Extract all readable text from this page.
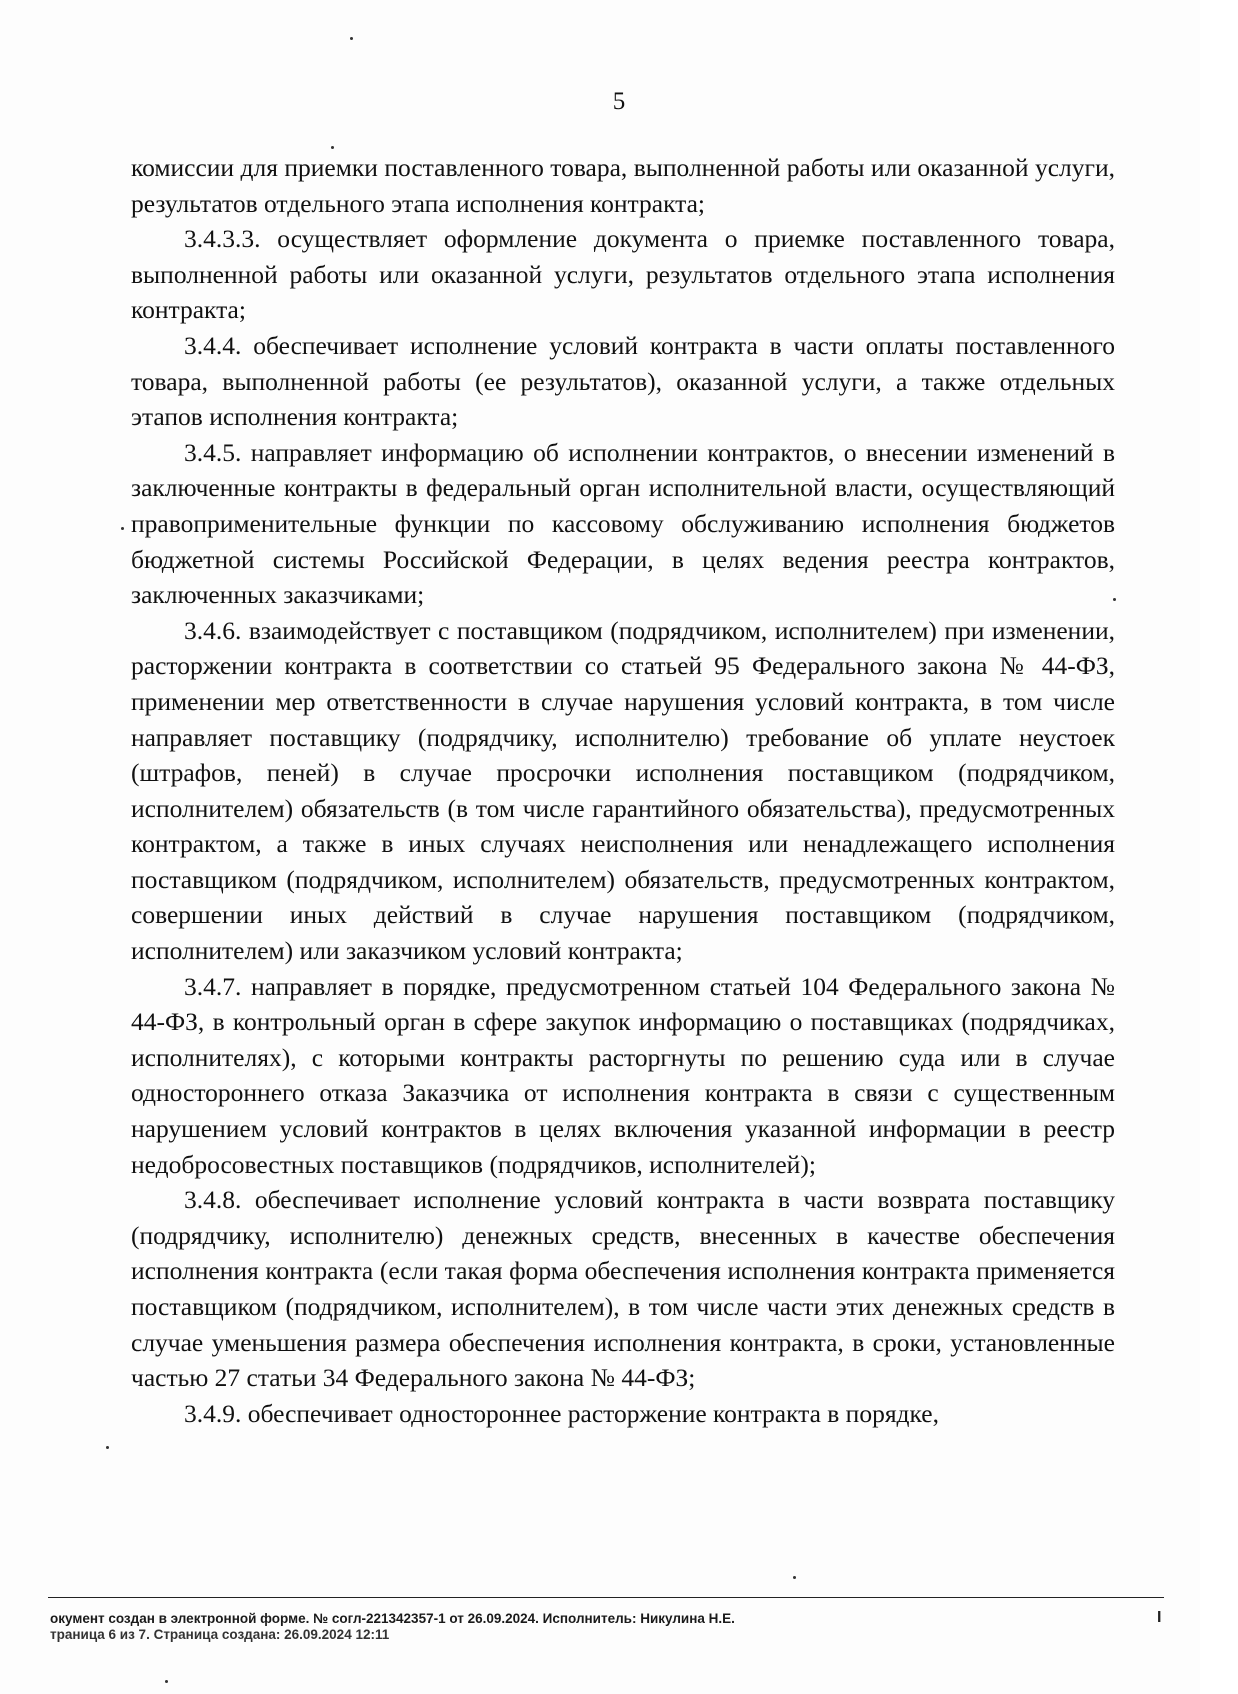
5

комиссии для приемки поставленного товара, выполненной работы или оказанной услуги, результатов отдельного этапа исполнения контракта;

3.4.3.3. осуществляет оформление документа о приемке поставленного товара, выполненной работы или оказанной услуги, результатов отдельного этапа исполнения контракта;

3.4.4. обеспечивает исполнение условий контракта в части оплаты поставленного товара, выполненной работы (ее результатов), оказанной услуги, а также отдельных этапов исполнения контракта;

3.4.5. направляет информацию об исполнении контрактов, о внесении изменений в заключенные контракты в федеральный орган исполнительной власти, осуществляющий правоприменительные функции по кассовому обслуживанию исполнения бюджетов бюджетной системы Российской Федерации, в целях ведения реестра контрактов, заключенных заказчиками;

3.4.6. взаимодействует с поставщиком (подрядчиком, исполнителем) при изменении, расторжении контракта в соответствии со статьей 95 Федерального закона № 44-ФЗ, применении мер ответственности в случае нарушения условий контракта, в том числе направляет поставщику (подрядчику, исполнителю) требование об уплате неустоек (штрафов, пеней) в случае просрочки исполнения поставщиком (подрядчиком, исполнителем) обязательств (в том числе гарантийного обязательства), предусмотренных контрактом, а также в иных случаях неисполнения или ненадлежащего исполнения поставщиком (подрядчиком, исполнителем) обязательств, предусмотренных контрактом, совершении иных действий в случае нарушения поставщиком (подрядчиком, исполнителем) или заказчиком условий контракта;

3.4.7. направляет в порядке, предусмотренном статьей 104 Федерального закона № 44-ФЗ, в контрольный орган в сфере закупок информацию о поставщиках (подрядчиках, исполнителях), с которыми контракты расторгнуты по решению суда или в случае одностороннего отказа Заказчика от исполнения контракта в связи с существенным нарушением условий контрактов в целях включения указанной информации в реестр недобросовестных поставщиков (подрядчиков, исполнителей);

3.4.8. обеспечивает исполнение условий контракта в части возврата поставщику (подрядчику, исполнителю) денежных средств, внесенных в качестве обеспечения исполнения контракта (если такая форма обеспечения исполнения контракта применяется поставщиком (подрядчиком, исполнителем), в том числе части этих денежных средств в случае уменьшения размера обеспечения исполнения контракта, в сроки, установленные частью 27 статьи 34 Федерального закона № 44-ФЗ;

3.4.9. обеспечивает одностороннее расторжение контракта в порядке,

окумент создан в электронной форме. № согл-221342357-1 от 26.09.2024. Исполнитель: Никулина Н.Е.
траница 6 из 7. Страница создана: 26.09.2024 12:11
I
